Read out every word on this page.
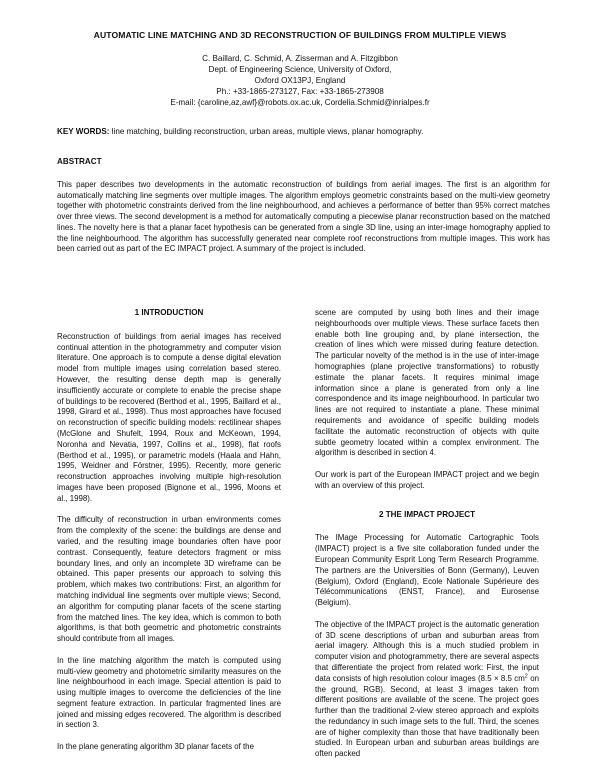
AUTOMATIC LINE MATCHING AND 3D RECONSTRUCTION OF BUILDINGS FROM MULTIPLE VIEWS
C. Baillard, C. Schmid, A. Zisserman and A. Fitzgibbon
Dept. of Engineering Science, University of Oxford,
Oxford OX13PJ, England
Ph.: +33-1865-273127, Fax: +33-1865-273908
E-mail: {caroline,az,awf}@robots.ox.ac.uk, Cordelia.Schmid@inrialpes.fr
KEY WORDS: line matching, building reconstruction, urban areas, multiple views, planar homography.
ABSTRACT
This paper describes two developments in the automatic reconstruction of buildings from aerial images. The first is an algorithm for automatically matching line segments over multiple images. The algorithm employs geometric constraints based on the multi-view geometry together with photometric constraints derived from the line neighbourhood, and achieves a performance of better than 95% correct matches over three views. The second development is a method for automatically computing a piecewise planar reconstruction based on the matched lines. The novelty here is that a planar facet hypothesis can be generated from a single 3D line, using an inter-image homography applied to the line neighbourhood. The algorithm has successfully generated near complete roof reconstructions from multiple images. This work has been carried out as part of the EC IMPACT project. A summary of the project is included.
1 INTRODUCTION

Reconstruction of buildings from aerial images has received continual attention in the photogrammetry and computer vision literature. One approach is to compute a dense digital elevation model from multiple images using correlation based stereo. However, the resulting dense depth map is generally insufficiently accurate or complete to enable the precise shape of buildings to be recovered (Berthod et al., 1995, Baillard et al., 1998, Girard et al., 1998). Thus most approaches have focused on reconstruction of specific building models: rectilinear shapes (McGlone and Shufelt, 1994, Roux and McKeown, 1994, Noronha and Nevatia, 1997, Collins et al., 1998), flat roofs (Berthod et al., 1995), or parametric models (Haala and Hahn, 1995, Weidner and Förstner, 1995). Recently, more generic reconstruction approaches involving multiple high-resolution images have been proposed (Bignone et al., 1996, Moons et al., 1998).

The difficulty of reconstruction in urban environments comes from the complexity of the scene: the buildings are dense and varied, and the resulting image boundaries often have poor contrast. Consequently, feature detectors fragment or miss boundary lines, and only an incomplete 3D wireframe can be obtained. This paper presents our approach to solving this problem, which makes two contributions: First, an algorithm for matching individual line segments over multiple views; Second, an algorithm for computing planar facets of the scene starting from the matched lines. The key idea, which is common to both algorithms, is that both geometric and photometric constraints should contribute from all images.

In the line matching algorithm the match is computed using multi-view geometry and photometric similarity measures on the line neighbourhood in each image. Special attention is paid to using multiple images to overcome the deficiencies of the line segment feature extraction. In particular fragmented lines are joined and missing edges recovered. The algorithm is described in section 3.

In the plane generating algorithm 3D planar facets of the

scene are computed by using both lines and their image neighbourhoods over multiple views. These surface facets then enable both line grouping and, by plane intersection, the creation of lines which were missed during feature detection. The particular novelty of the method is in the use of inter-image homographies (plane projective transformations) to robustly estimate the planar facets. It requires minimal image information since a plane is generated from only a line correspondence and its image neighbourhood. In particular two lines are not required to instantiate a plane. These minimal requirements and avoidance of specific building models facilitate the automatic reconstruction of objects with quite subtle geometry located within a complex environment. The algorithm is described in section 4.

Our work is part of the European IMPACT project and we begin with an overview of this project.

2 THE IMPACT PROJECT

The IMage Processing for Automatic Cartographic Tools (IMPACT) project is a five site collaboration funded under the European Community Esprit Long Term Research Programme. The partners are the Universities of Bonn (Germany), Leuven (Belgium), Oxford (England), Ecole Nationale Supérieure des Télécommunications (ENST, France), and Eurosense (Belgium).

The objective of the IMPACT project is the automatic generation of 3D scene descriptions of urban and suburban areas from aerial imagery. Although this is a much studied problem in computer vision and photogrammetry, there are several aspects that differentiate the project from related work: First, the input data consists of high resolution colour images (8.5 × 8.5 $cm^2$ on the ground, RGB). Second, at least 3 images taken from different positions are available of the scene. The project goes further than the traditional 2-view stereo approach and exploits the redundancy in such image sets to the full. Third, the scenes are of higher complexity than those that have traditionally been studied. In European urban and suburban areas buildings are often packed
